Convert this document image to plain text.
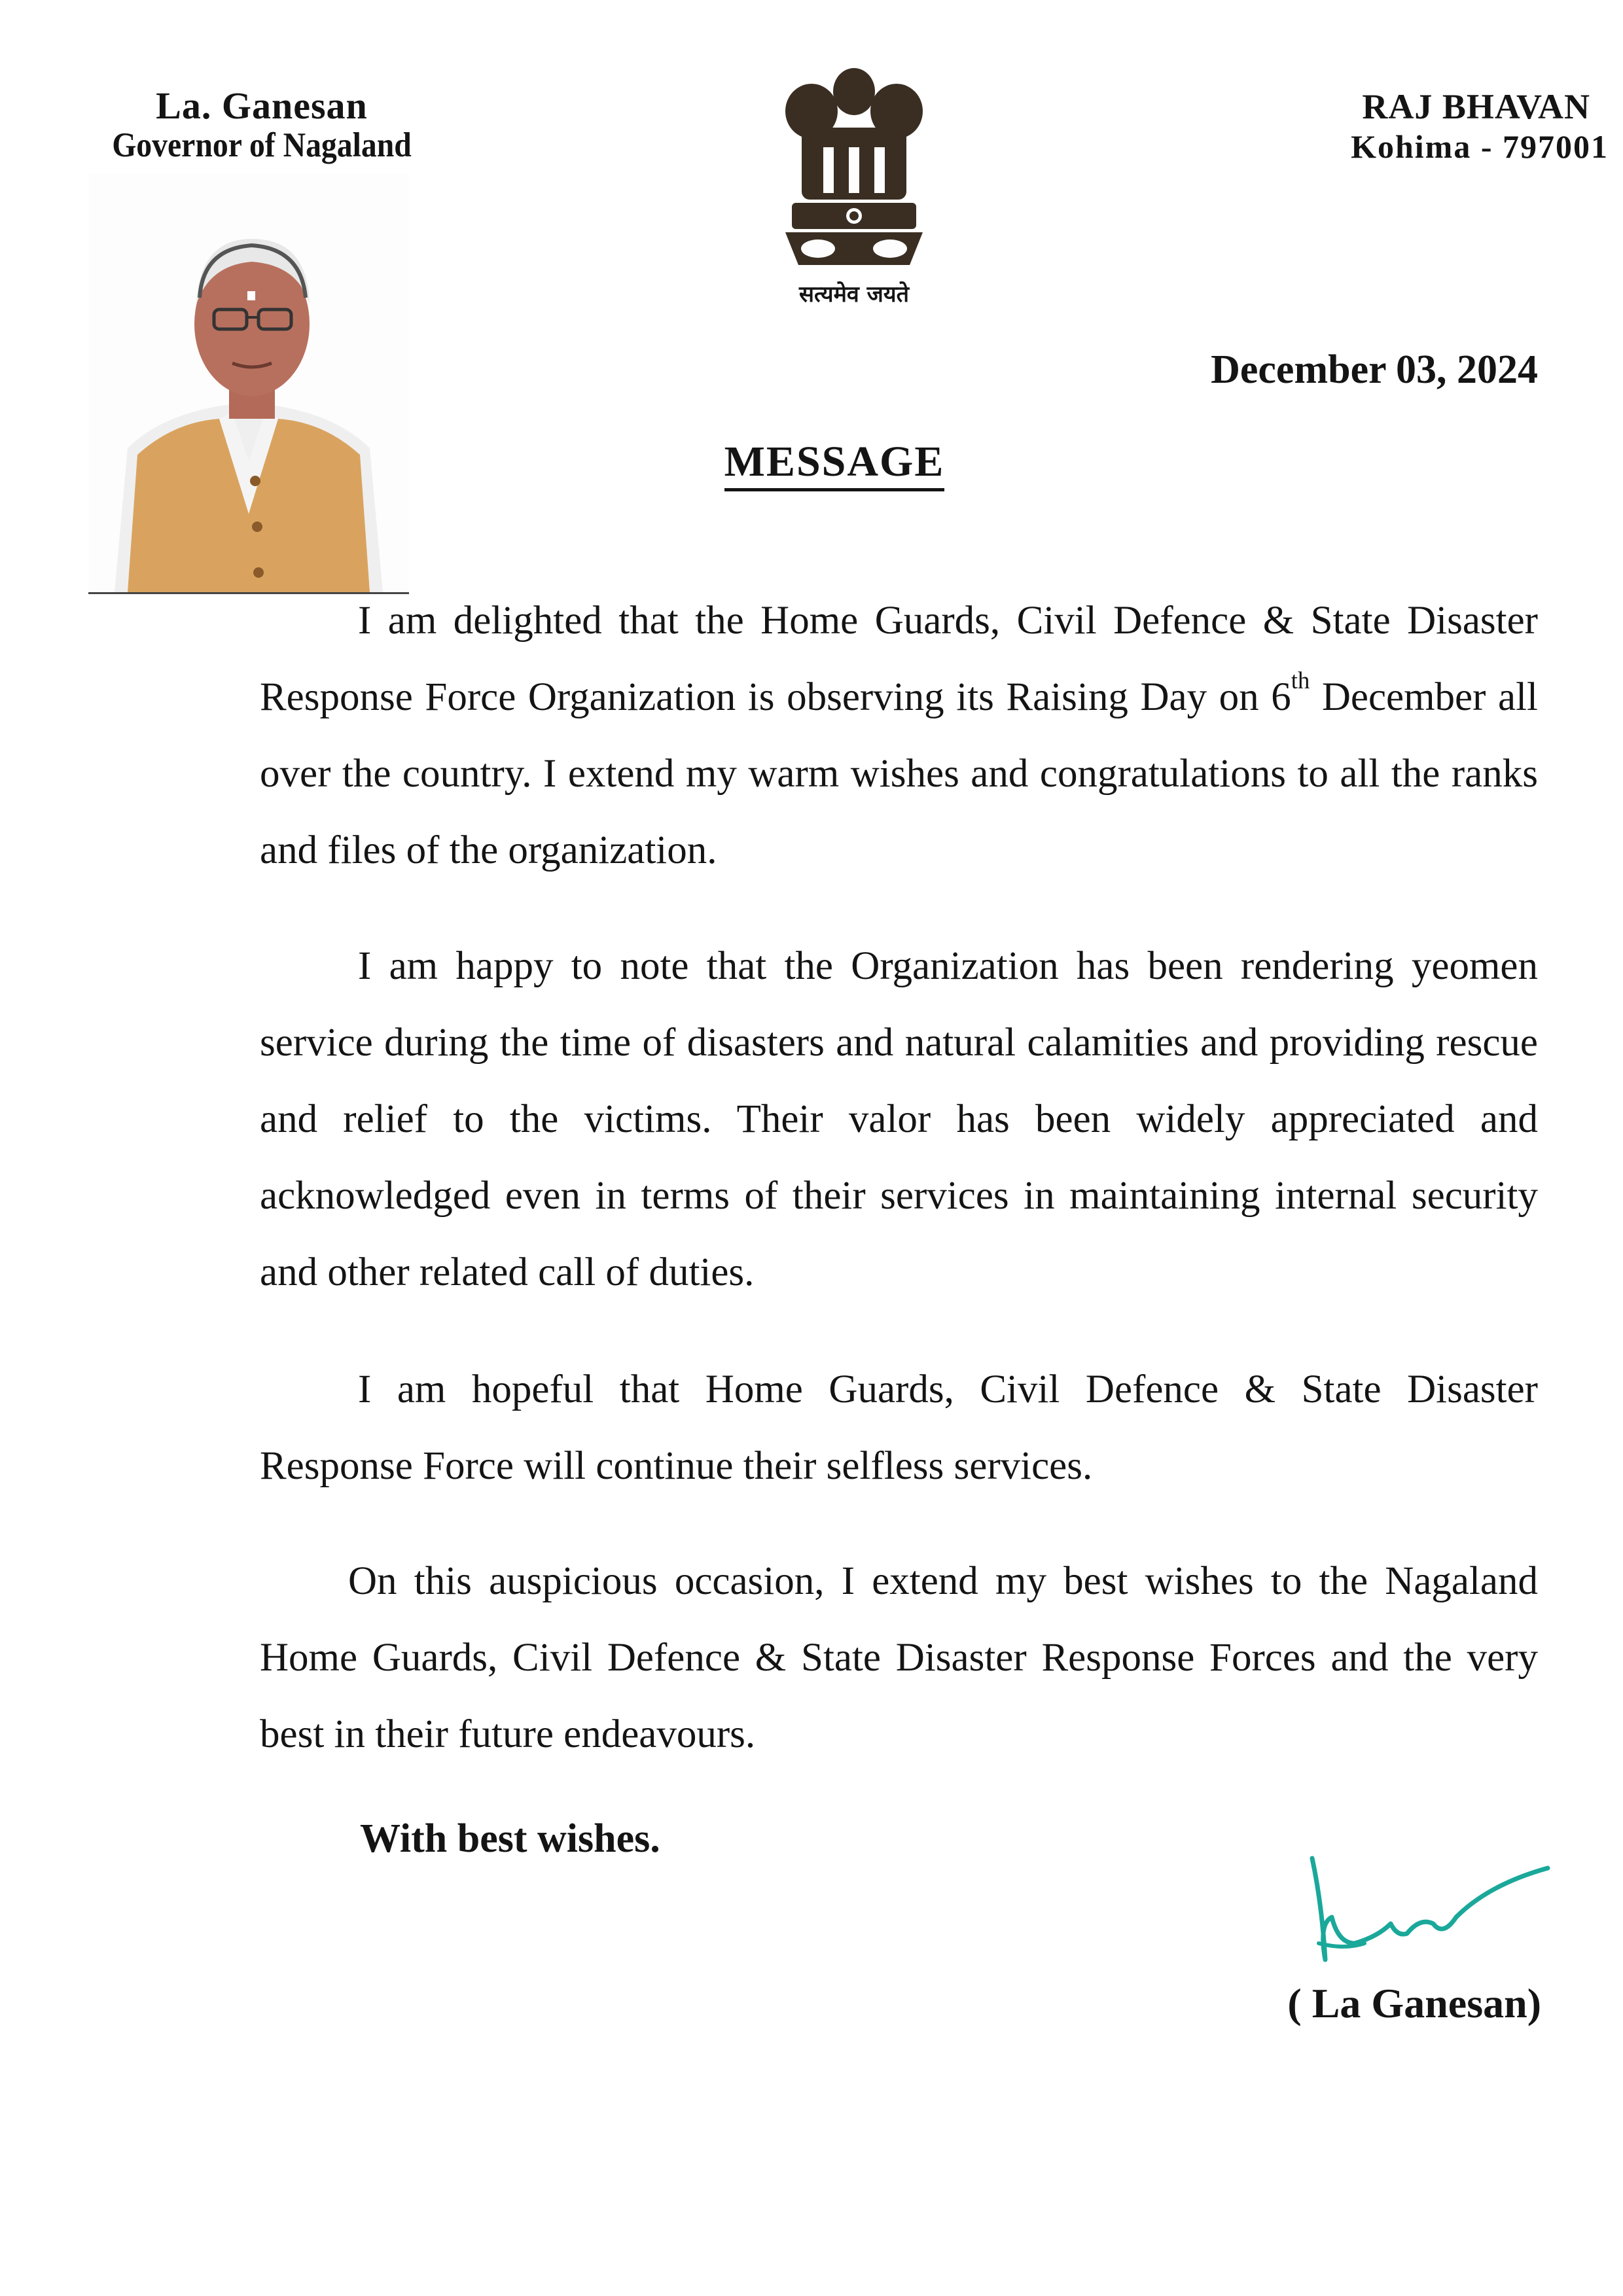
La. Ganesan
Governor of Nagaland
सत्यमेव जयते
RAJ BHAVAN
Kohima - 797001
December 03, 2024
MESSAGE

I am delighted that the Home Guards, Civil Defence & State Disaster Response Force Organization is observing its Raising Day on 6th December all over the country. I extend my warm wishes and congratulations to all the ranks and files of the organization.

I am happy to note that the Organization has been rendering yeomen service during the time of disasters and natural calamities and providing rescue and relief to the victims. Their valor has been widely appreciated and acknowledged even in terms of their services in maintaining internal security and other related call of duties.

I am hopeful that Home Guards, Civil Defence & State Disaster Response Force will continue their selfless services.

On this auspicious occasion, I extend my best wishes to the Nagaland Home Guards, Civil Defence & State Disaster Response Forces and the very best in their future endeavours.

With best wishes.
( La Ganesan)
